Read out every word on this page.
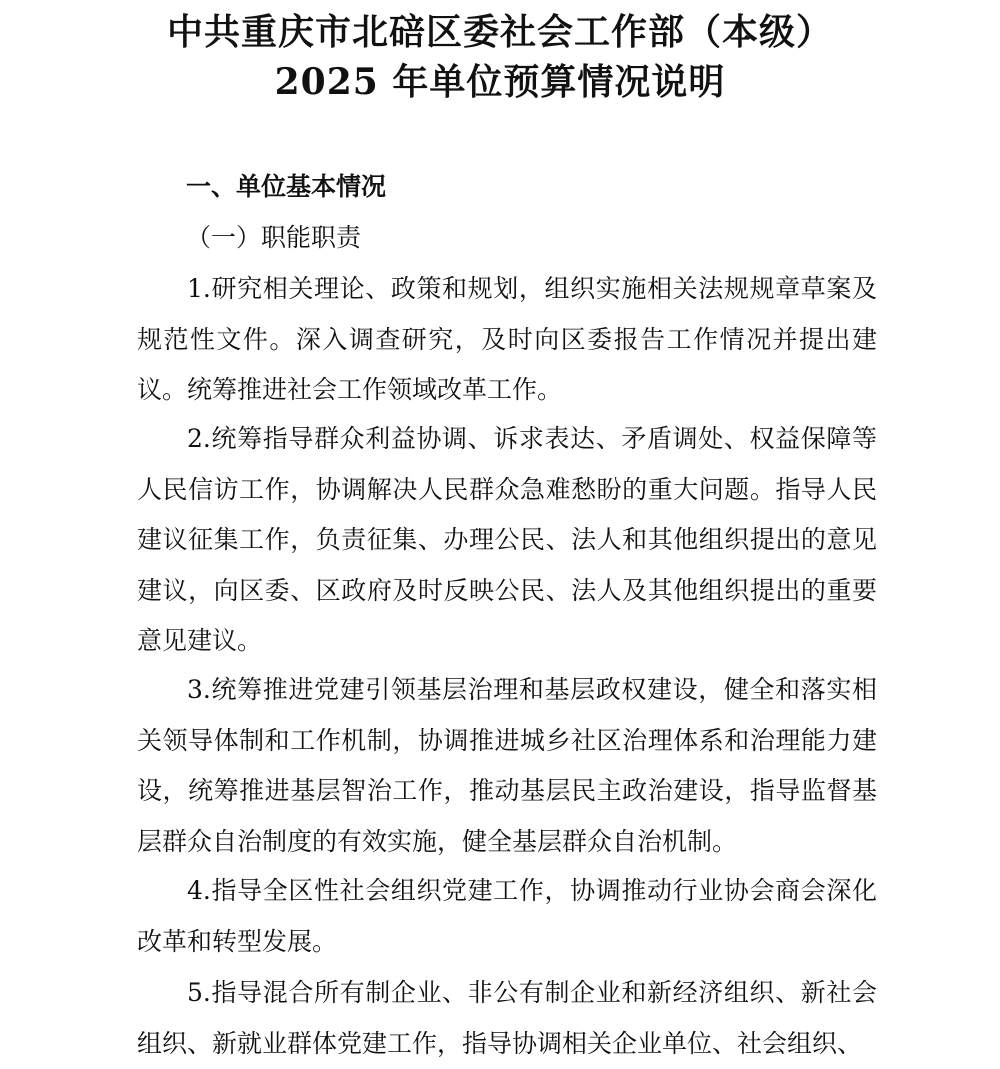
中共重庆市北碚区委社会工作部（本级）
2025 年单位预算情况说明
一、单位基本情况
（一）职能职责
1.研究相关理论、政策和规划，组织实施相关法规规章草案及规范性文件。深入调查研究，及时向区委报告工作情况并提出建议。统筹推进社会工作领域改革工作。
2.统筹指导群众利益协调、诉求表达、矛盾调处、权益保障等人民信访工作，协调解决人民群众急难愁盼的重大问题。指导人民建议征集工作，负责征集、办理公民、法人和其他组织提出的意见建议，向区委、区政府及时反映公民、法人及其他组织提出的重要意见建议。
3.统筹推进党建引领基层治理和基层政权建设，健全和落实相关领导体制和工作机制，协调推进城乡社区治理体系和治理能力建设，统筹推进基层智治工作，推动基层民主政治建设，指导监督基层群众自治制度的有效实施，健全基层群众自治机制。
4.指导全区性社会组织党建工作，协调推动行业协会商会深化改革和转型发展。
5.指导混合所有制企业、非公有制企业和新经济组织、新社会组织、新就业群体党建工作，指导协调相关企业单位、社会组织、
